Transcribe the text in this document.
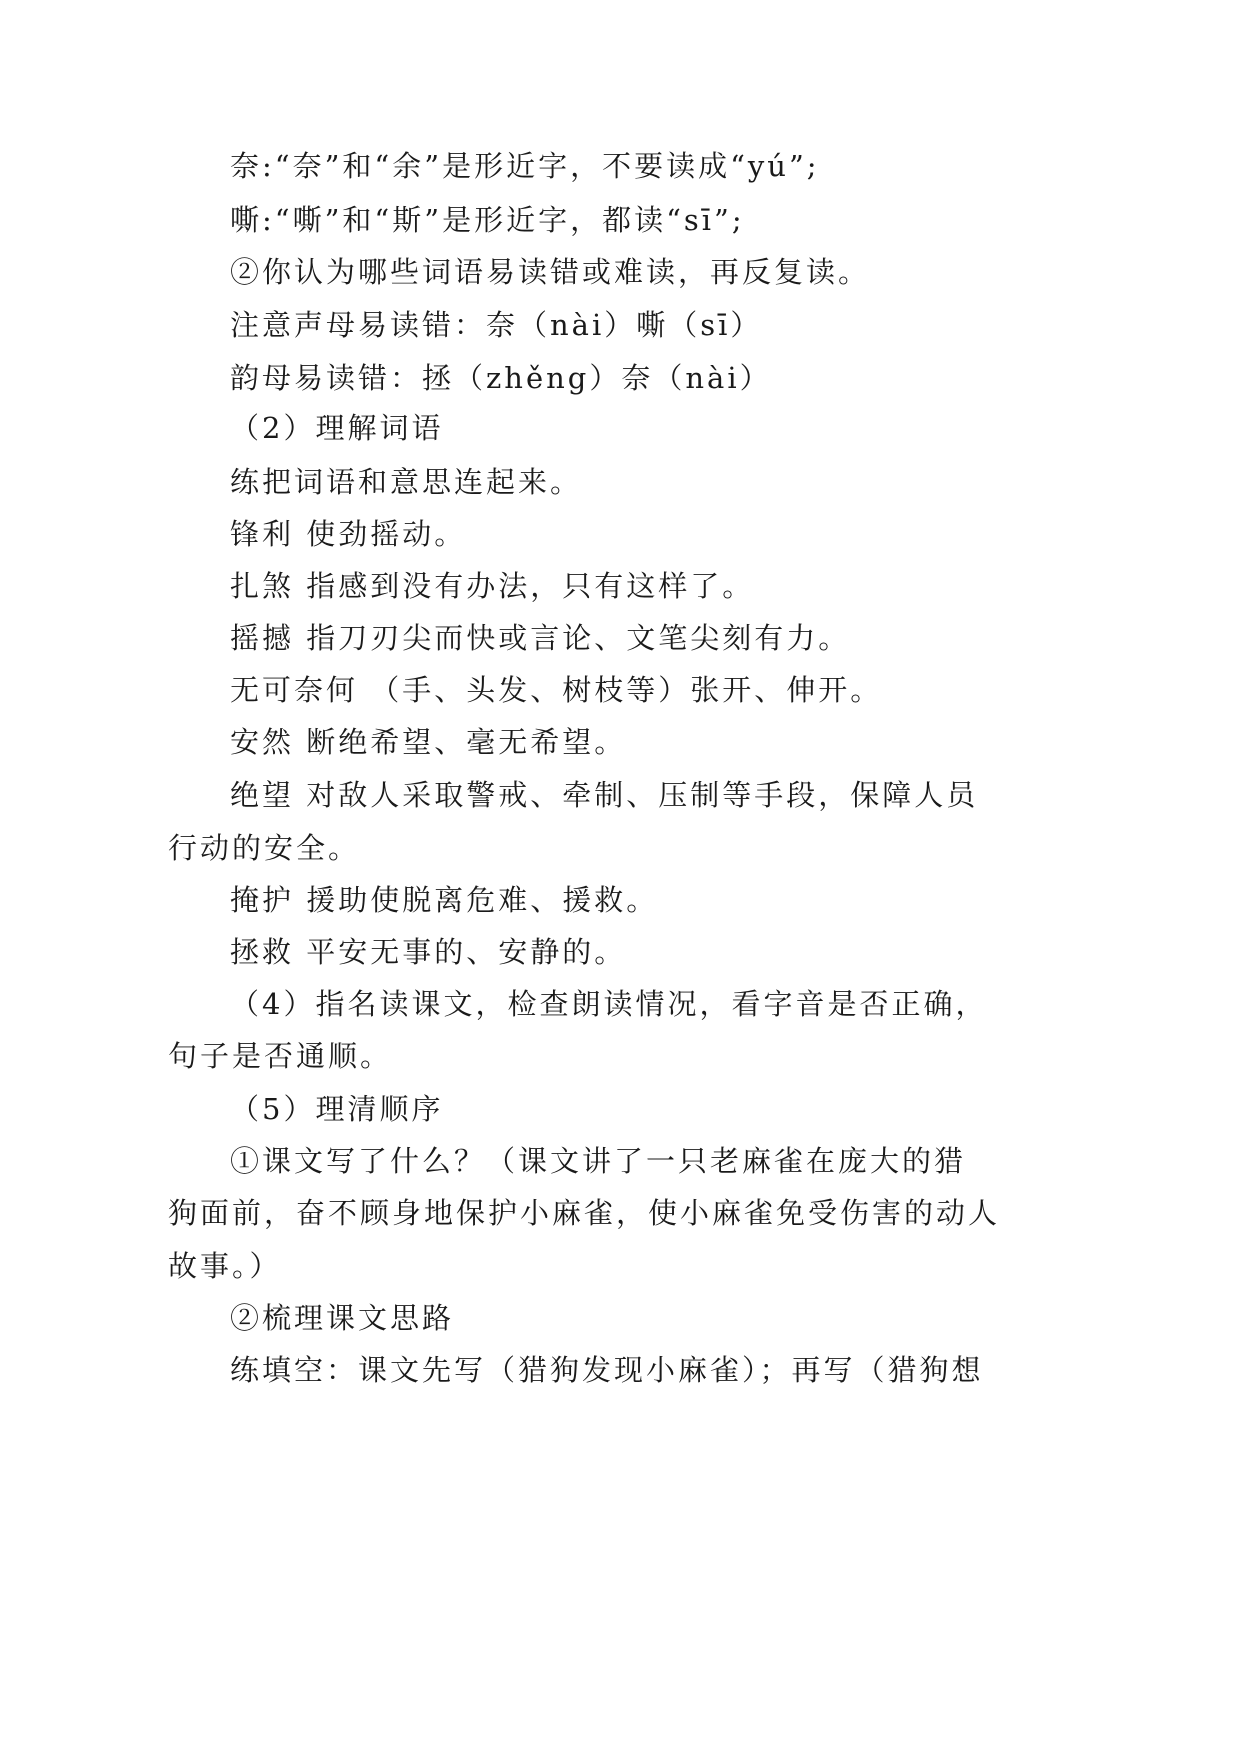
奈:“奈”和“余”是形近字，不要读成“yú”;
嘶:“嘶”和“斯”是形近字，都读“sī”;
②你认为哪些词语易读错或难读，再反复读。
注意声母易读错：奈（nài）嘶（sī）
韵母易读错：拯（zhěng）奈（nài）
（2）理解词语
练把词语和意思连起来。
锋利 使劲摇动。
扎煞 指感到没有办法，只有这样了。
摇撼 指刀刃尖而快或言论、文笔尖刻有力。
无可奈何 （手、头发、树枝等）张开、伸开。
安然 断绝希望、毫无希望。
绝望 对敌人采取警戒、牵制、压制等手段，保障人员
行动的安全。
掩护 援助使脱离危难、援救。
拯救 平安无事的、安静的。
（4）指名读课文，检查朗读情况，看字音是否正确，
句子是否通顺。
（5）理清顺序
①课文写了什么？（课文讲了一只老麻雀在庞大的猎
狗面前，奋不顾身地保护小麻雀，使小麻雀免受伤害的动人
故事。）
②梳理课文思路
练填空：课文先写（猎狗发现小麻雀）；再写（猎狗想
